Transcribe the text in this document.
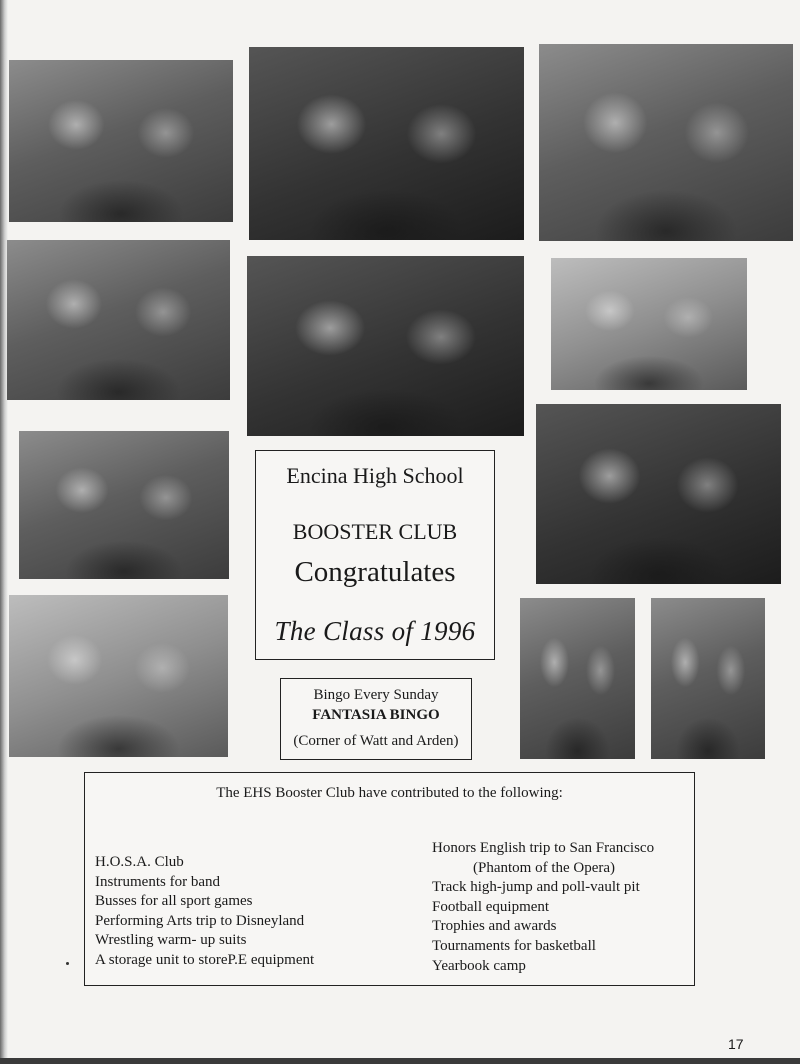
Encina High School
BOOSTER CLUB
Congratulates
The Class of 1996
Bingo Every Sunday
FANTASIA BINGO
(Corner of Watt and Arden)
The EHS Booster Club have contributed to the following:
H.O.S.A. Club
Instruments for band
Busses for all sport games
Performing Arts trip to Disneyland
Wrestling warm- up suits
A storage unit to storeP.E equipment
Honors English trip to San Francisco
(Phantom of the Opera)
Track high-jump and poll-vault pit
Football equipment
Trophies and awards
Tournaments for basketball
Yearbook camp
17
